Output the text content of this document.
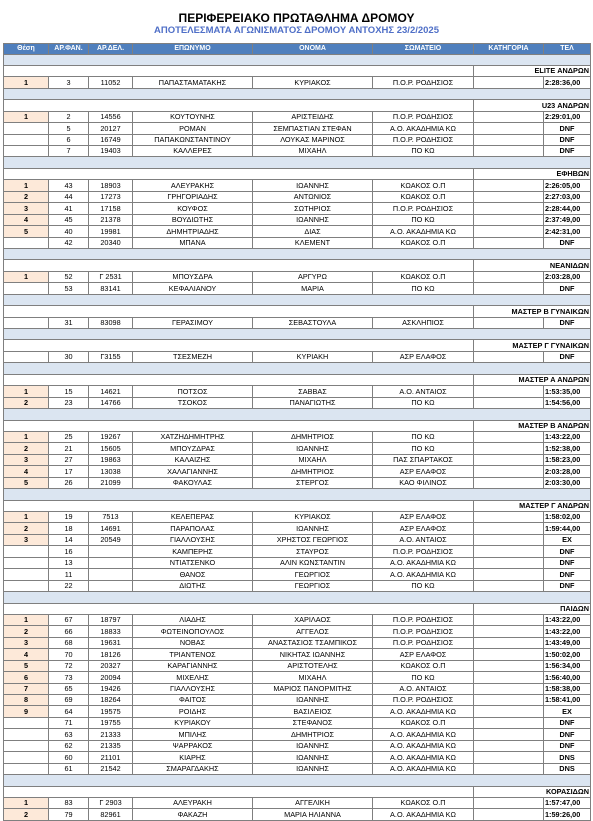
ΠΕΡΙΦΕΡΕΙΑΚΟ ΠΡΩΤΑΘΛΗΜΑ ΔΡΟΜΟΥ
ΑΠΟΤΕΛΕΣΜΑΤΑ ΑΓΩΝΙΣΜΑΤΟΣ ΔΡΟΜΟΥ ΑΝΤΟΧΗΣ 23/2/2025
Θέση	ΑΡ.ΦΑΝ.	ΑΡ.ΔΕΛ.	ΕΠΩΝΥΜΟ	ΟΝΟΜΑ	ΣΩΜΑΤΕΙΟ	ΚΑΤΗΓΟΡΙΑ	ΤΕΛ

						ELITE ΑΝΔΡΩΝ	
1	3	11052	ΠΑΠΑΣΤΑΜΑΤΑΚΗΣ	ΚΥΡΙΑΚΟΣ	Π.Ο.Ρ. ΡΟΔΗΣΙΟΣ		2:28:36,00

						U23 ΑΝΔΡΩΝ	
1	2	14556	ΚΟΥΤΟΥΝΗΣ	ΑΡΙΣΤΕΙΔΗΣ	Π.Ο.Ρ. ΡΟΔΗΣΙΟΣ		2:29:01,00
	5	20127	ΡΟΜΑΝ	ΣΕΜΠΑΣΤΙΑΝ ΣΤΕΦΑΝ	Α.Ο. ΑΚΑΔΗΜΙΑ ΚΩ		DNF
	6	16749	ΠΑΠΑΚΩΝΣΤΑΝΤΙΝΟΥ	ΛΟΥΚΑΣ ΜΑΡΙΝΟΣ	Π.Ο.Ρ. ΡΟΔΗΣΙΟΣ		DNF
	7	19403	ΚΑΛΛΕΡΕΣ	ΜΙΧΑΗΛ	ΠΟ ΚΩ		DNF

						ΕΦΗΒΩΝ	
1	43	18903	ΑΛΕΥΡΑΚΗΣ	ΙΩΑΝΝΗΣ	ΚΩΑΚΟΣ Ο.Π		2:26:05,00
2	44	17273	ΓΡΗΓΟΡΙΑΔΗΣ	ΑΝΤΩΝΙΟΣ	ΚΩΑΚΟΣ Ο.Π		2:27:03,00
3	41	17158	ΚΟΥΦΟΣ	ΣΩΤΗΡΙΟΣ	Π.Ο.Ρ. ΡΟΔΗΣΙΟΣ		2:28:44,00
4	45	21378	ΒΟΥΔΙΩΤΗΣ	ΙΩΑΝΝΗΣ	ΠΟ ΚΩ		2:37:49,00
5	40	19981	ΔΗΜΗΤΡΙΑΔΗΣ	ΔΙΑΣ	Α.Ο. ΑΚΑΔΗΜΙΑ ΚΩ		2:42:31,00
	42	20340	ΜΠΑΝΑ	ΚΛΕΜΕΝΤ	ΚΩΑΚΟΣ Ο.Π		DNF

						ΝΕΑΝΙΔΩΝ	
1	52	Γ 2531	ΜΠΟΥΣΔΡΑ	ΑΡΓΥΡΩ	ΚΩΑΚΟΣ Ο.Π		2:03:28,00
	53	83141	ΚΕΦΑΛΙΑΝΟΥ	ΜΑΡΙΑ	ΠΟ ΚΩ		DNF

						ΜΑΣΤΕΡ Β ΓΥΝΑΙΚΩΝ	
	31	83098	ΓΕΡΑΣΙΜΟΥ	ΣΕΒΑΣΤΟΥΛΑ	ΑΣΚΛΗΠΙΟΣ		DNF

						ΜΑΣΤΕΡ Γ ΓΥΝΑΙΚΩΝ	
	30	Γ3155	ΤΣΕΣΜΕΖΗ	ΚΥΡΙΑΚΗ	ΑΣΡ ΕΛΑΦΟΣ		DNF

						ΜΑΣΤΕΡ Α ΑΝΔΡΩΝ	
1	15	14621	ΠΟΤΣΟΣ	ΣΑΒΒΑΣ	Α.Ο. ΑΝΤΑΙΟΣ		1:53:35,00
2	23	14766	ΤΣΟΚΟΣ	ΠΑΝΑΓΙΩΤΗΣ	ΠΟ ΚΩ		1:54:56,00

						ΜΑΣΤΕΡ Β ΑΝΔΡΩΝ	
1	25	19267	ΧΑΤΖΗΔΗΜΗΤΡΗΣ	ΔΗΜΗΤΡΙΟΣ	ΠΟ ΚΩ		1:43:22,00
2	21	15605	ΜΠΟΥΖΔΡΑΣ	ΙΩΑΝΝΗΣ	ΠΟ ΚΩ		1:52:38,00
3	27	19863	ΚΑΛΑΙΖΗΣ	ΜΙΧΑΗΛ	ΠΑΣ ΣΠΑΡΤΑΚΟΣ		1:58:23,00
4	17	13038	ΧΑΛΑΓΙΑΝΝΗΣ	ΔΗΜΗΤΡΙΟΣ	ΑΣΡ ΕΛΑΦΟΣ		2:03:28,00
5	26	21099	ΦΑΚΟΥΛΑΣ	ΣΤΕΡΓΟΣ	ΚΑΟ ΦΙΛΙΝΟΣ		2:03:30,00

						ΜΑΣΤΕΡ Γ ΑΝΔΡΩΝ	
1	19	7513	ΚΕΛΕΠΕΡΑΣ	ΚΥΡΙΑΚΟΣ	ΑΣΡ ΕΛΑΦΟΣ		1:58:02,00
2	18	14691	ΠΑΡΑΠΟΛΑΣ	ΙΩΑΝΝΗΣ	ΑΣΡ ΕΛΑΦΟΣ		1:59:44,00
3	14	20549	ΓΙΑΛΛΟΥΣΗΣ	ΧΡΗΣΤΟΣ ΓΕΩΡΓΙΟΣ	Α.Ο. ΑΝΤΑΙΟΣ		EX
	16		ΚΑΜΠΕΡΗΣ	ΣΤΑΥΡΟΣ	Π.Ο.Ρ. ΡΟΔΗΣΙΟΣ		DNF
	13		ΝΤΙΑΤΣΕΝΚΟ	ΑΛΙΝ ΚΩΝΣΤΑΝΤΙΝ	Α.Ο. ΑΚΑΔΗΜΙΑ ΚΩ		DNF
	11		ΘΑΝΟΣ	ΓΕΩΡΓΙΟΣ	Α.Ο. ΑΚΑΔΗΜΙΑ ΚΩ		DNF
	22		ΔΙΩΤΗΣ	ΓΕΩΡΓΙΟΣ	ΠΟ ΚΩ		DNF

						ΠΑΙΔΩΝ	
1	67	18797	ΛΙΑΔΗΣ	ΧΑΡΙΛΑΟΣ	Π.Ο.Ρ. ΡΟΔΗΣΙΟΣ		1:43:22,00
2	66	18833	ΦΩΤΕΙΝΟΠΟΥΛΟΣ	ΑΓΓΕΛΟΣ	Π.Ο.Ρ. ΡΟΔΗΣΙΟΣ		1:43:22,00
3	68	19631	ΝΟΒΑΣ	ΑΝΑΣΤΑΣΙΟΣ ΤΣΑΜΠΙΚΟΣ	Π.Ο.Ρ. ΡΟΔΗΣΙΟΣ		1:43:49,00
4	70	18126	ΤΡΙΑΝΤΕΝΟΣ	ΝΙΚΗΤΑΣ ΙΩΑΝΝΗΣ	ΑΣΡ ΕΛΑΦΟΣ		1:50:02,00
5	72	20327	ΚΑΡΑΓΙΑΝΝΗΣ	ΑΡΙΣΤΟΤΕΛΗΣ	ΚΩΑΚΟΣ Ο.Π		1:56:34,00
6	73	20094	ΜΙΧΕΛΗΣ	ΜΙΧΑΗΛ	ΠΟ ΚΩ		1:56:40,00
7	65	19426	ΓΙΑΛΛΟΥΣΗΣ	ΜΑΡΙΟΣ ΠΑΝΟΡΜΙΤΗΣ	Α.Ο. ΑΝΤΑΙΟΣ		1:58:38,00
8	69	18264	ΦΑΙΤΟΣ	ΙΩΑΝΝΗΣ	Π.Ο.Ρ. ΡΟΔΗΣΙΟΣ		1:58:41,00
9	64	19575	ΡΟΙΔΗΣ	ΒΑΣΙΛΕΙΟΣ	Α.Ο. ΑΚΑΔΗΜΙΑ ΚΩ		EX
	71	19755	ΚΥΡΙΑΚΟΥ	ΣΤΕΦΑΝΟΣ	ΚΩΑΚΟΣ Ο.Π		DNF
	63	21333	ΜΠΙΛΗΣ	ΔΗΜΗΤΡΙΟΣ	Α.Ο. ΑΚΑΔΗΜΙΑ ΚΩ		DNF
	62	21335	ΨΑΡΡΑΚΟΣ	ΙΩΑΝΝΗΣ	Α.Ο. ΑΚΑΔΗΜΙΑ ΚΩ		DNF
	60	21101	ΚΙΑΡΗΣ	ΙΩΑΝΝΗΣ	Α.Ο. ΑΚΑΔΗΜΙΑ ΚΩ		DNS
	61	21542	ΣΜΑΡΑΓΔΑΚΗΣ	ΙΩΑΝΝΗΣ	Α.Ο. ΑΚΑΔΗΜΙΑ ΚΩ		DNS

						ΚΟΡΑΣΙΔΩΝ	
1	83	Γ 2903	ΑΛΕΥΡΑΚΗ	ΑΓΓΕΛΙΚΗ	ΚΩΑΚΟΣ Ο.Π		1:57:47,00
2	79	82961	ΦΑΚΑΖΗ	ΜΑΡΙΑ ΗΛΙΑΝΝΑ	Α.Ο. ΑΚΑΔΗΜΙΑ ΚΩ		1:59:26,00
